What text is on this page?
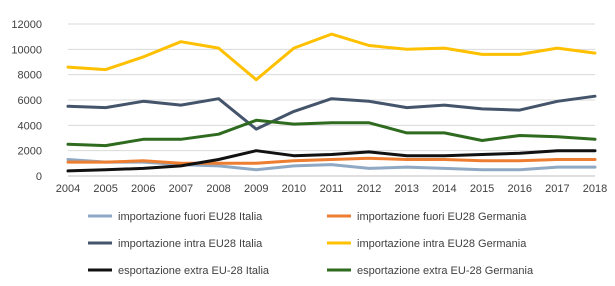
0
2000
4000
6000
8000
10000
12000
2004 2005 2006 2007 2008 2009 2010 2011 2012 2013 2014 2015 2016 2017 2018
importazione fuori EU28 Italia	importazione fuori EU28 Germania
importazione intra EU28 Italia	importazione intra EU28 Germania
esportazione extra EU-28 Italia	esportazione extra EU-28 Germania
